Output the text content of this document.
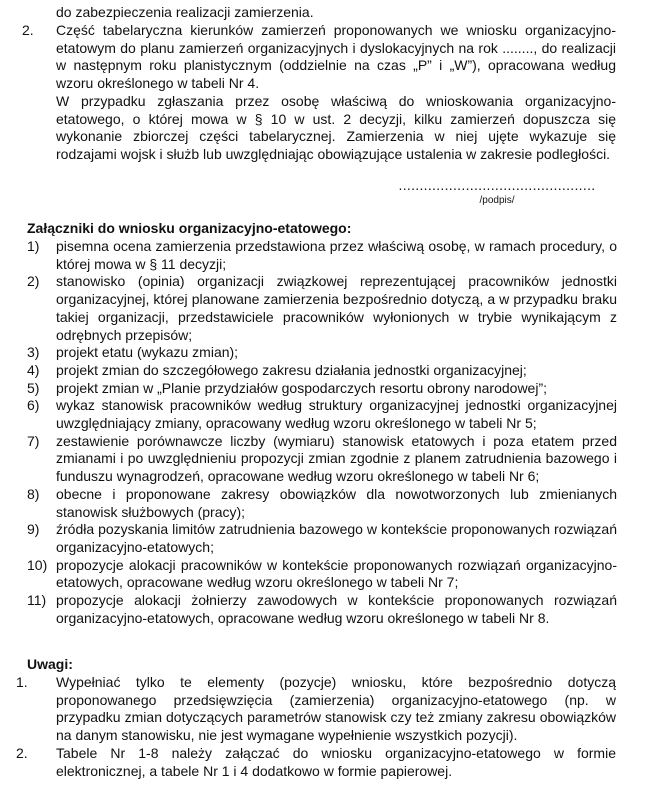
do zabezpieczenia realizacji zamierzenia.
2. Część tabelaryczna kierunków zamierzeń proponowanych we wniosku organizacyjno-etatowym do planu zamierzeń organizacyjnych i dyslokacyjnych na rok ........, do realizacji w następnym roku planistycznym (oddzielnie na czas „P” i „W”), opracowana według wzoru określonego w tabeli Nr 4.

W przypadku zgłaszania przez osobę właściwą do wnioskowania organizacyjno-etatowego, o której mowa w § 10 w ust. 2 decyzji, kilku zamierzeń dopuszcza się wykonanie zbiorczej części tabelarycznej. Zamierzenia w niej ujęte wykazuje się rodzajami wojsk i służb lub uwzględniając obowiązujące ustalenia w zakresie podległości.

...............................................
/podpis/
Załączniki do wniosku organizacyjno-etatowego:
1) pisemna ocena zamierzenia przedstawiona przez właściwą osobę, w ramach procedury, o której mowa w § 11 decyzji;
2) stanowisko (opinia) organizacji związkowej reprezentującej pracowników jednostki organizacyjnej, której planowane zamierzenia bezpośrednio dotyczą, a w przypadku braku takiej organizacji, przedstawiciele pracowników wyłonionych w trybie wynikającym z odrębnych przepisów;
3) projekt etatu (wykazu zmian);
4) projekt zmian do szczegółowego zakresu działania jednostki organizacyjnej;
5) projekt zmian w „Planie przydziałów gospodarczych resortu obrony narodowej”;
6) wykaz stanowisk pracowników według struktury organizacyjnej jednostki organizacyjnej uwzględniający zmiany, opracowany według wzoru określonego w tabeli Nr 5;
7) zestawienie porównawcze liczby (wymiaru) stanowisk etatowych i poza etatem przed zmianami i po uwzględnieniu propozycji zmian zgodnie z planem zatrudnienia bazowego i funduszu wynagrodzeń, opracowane według wzoru określonego w tabeli Nr 6;
8) obecne i proponowane zakresy obowiązków dla nowotworzonych lub zmienianych stanowisk służbowych (pracy);
9) źródła pozyskania limitów zatrudnienia bazowego w kontekście proponowanych rozwiązań organizacyjno-etatowych;
10) propozycje alokacji pracowników w kontekście proponowanych rozwiązań organizacyjno-etatowych, opracowane według wzoru określonego w tabeli Nr 7;
11) propozycje alokacji żołnierzy zawodowych w kontekście proponowanych rozwiązań organizacyjno-etatowych, opracowane według wzoru określonego w tabeli Nr 8.
Uwagi:
1. Wypełniać tylko te elementy (pozycje) wniosku, które bezpośrednio dotyczą proponowanego przedsięwzięcia (zamierzenia) organizacyjno-etatowego (np. w przypadku zmian dotyczących parametrów stanowisk czy też zmiany zakresu obowiązków na danym stanowisku, nie jest wymagane wypełnienie wszystkich pozycji).
2. Tabele Nr 1-8 należy załączać do wniosku organizacyjno-etatowego w formie elektronicznej, a tabele Nr 1 i 4 dodatkowo w formie papierowej.
